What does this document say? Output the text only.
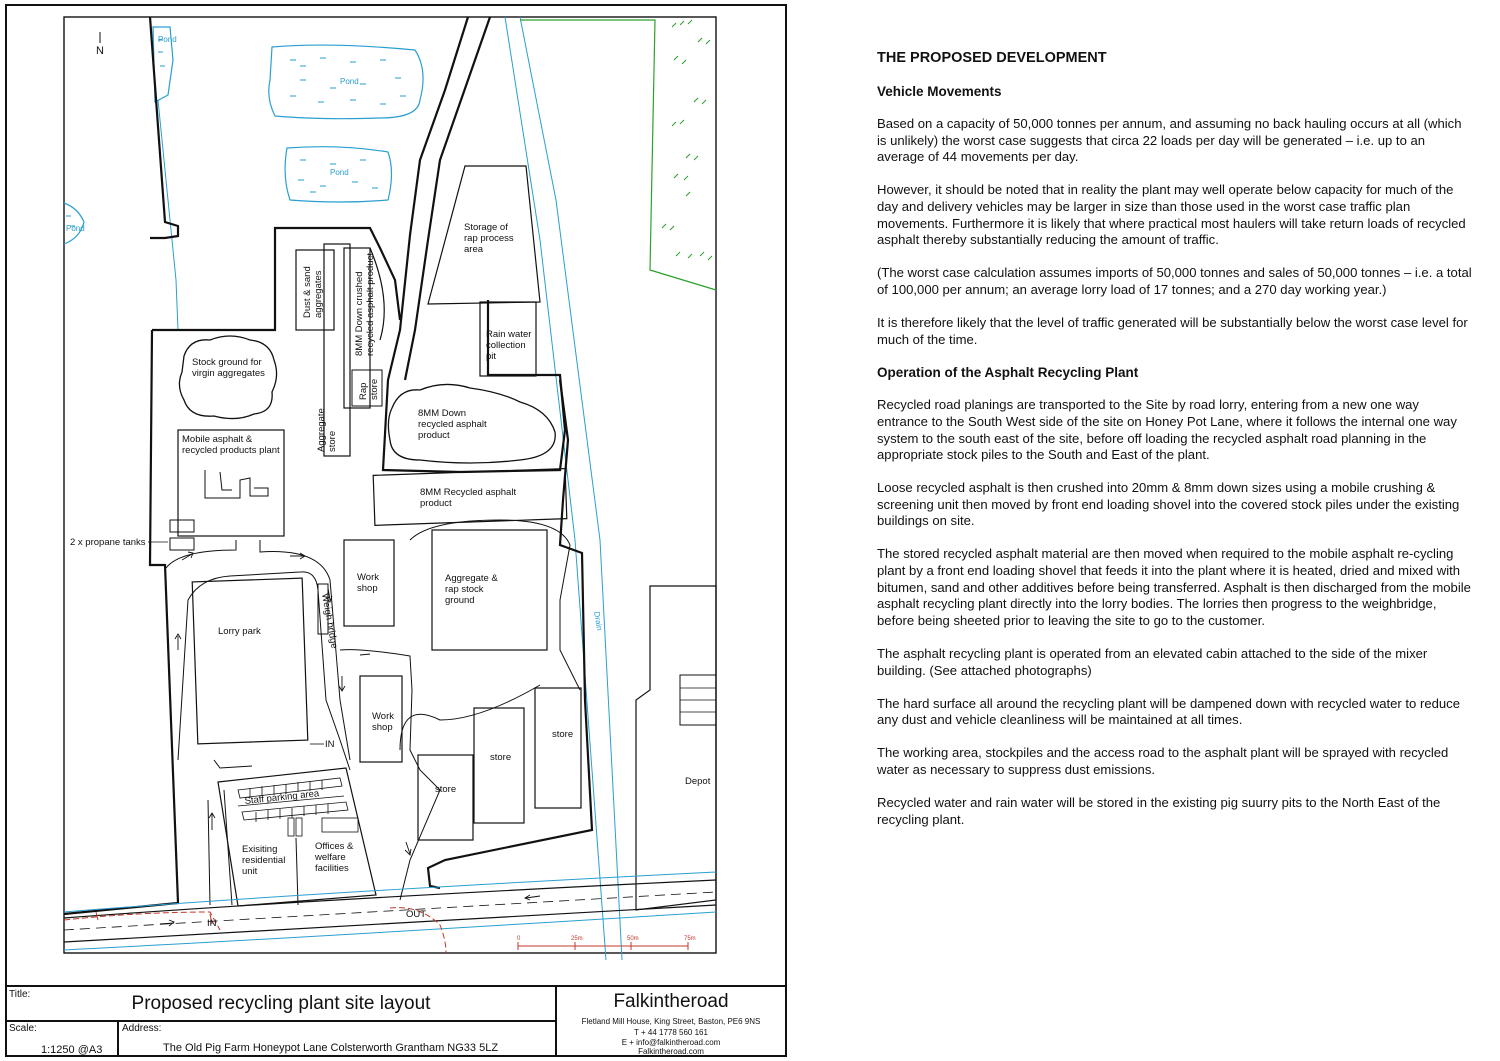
Pond
Pond
Pond
Pond
N
Drain
Storage of rap process area
Rain water collection pit
Dust & sandaggregates	8MM Down crushedrecycled asphalt product
Rapstore
Aggregatestore
Stock ground for virgin aggregates
8MM Down recycled asphalt product
Mobile asphalt & recycled products plant
8MM Recycled asphalt product
2 x propane tanks
Lorry park	Weigh bridge
Work shop
Work shop
Aggregate & rap stock ground
store
store
store
Depot
Staff parking area
Exisiting residential unit
Offices & welfare facilities
IN
OUT
IN
0	25m	50m	75m
Title:	Proposed recycling plant site layout
Scale:
1:1250 @A3
Address:
The Old Pig Farm Honeypot Lane Colsterworth Grantham NG33 5LZ
Falkintheroad
Fletland Mill House, King Street, Baston, PE6 9NS
T + 44 1778 560 161
E + info@falkintheroad.com
Falkintheroad.com
THE PROPOSED DEVELOPMENT
Vehicle Movements

Based on a capacity of 50,000 tonnes per annum, and assuming no back hauling occurs at all (which is unlikely) the worst case suggests that circa 22 loads per day will be generated – i.e. up to an average of 44 movements per day.

However, it should be noted that in reality the plant may well operate below capacity for much of the day and delivery vehicles may be larger in size than those used in the worst case traffic plan movements. Furthermore it is likely that where practical most haulers will take return loads of recycled asphalt thereby substantially reducing the amount of traffic.

(The worst case calculation assumes imports of 50,000 tonnes and sales of 50,000 tonnes – i.e. a total of 100,000 per annum; an average lorry load of 17 tonnes; and a 270 day working year.)

It is therefore likely that the level of traffic generated will be substantially below the worst case level for much of the time.

Operation of the Asphalt Recycling Plant

Recycled road planings are transported to the Site by road lorry, entering from a new one way entrance to the South West side of the site on Honey Pot Lane, where it follows the internal one way system to the south east of the site, before off loading the recycled asphalt road planning in the appropriate stock piles to the South and East of the plant.

Loose recycled asphalt is then crushed into 20mm & 8mm down sizes using a mobile crushing & screening unit then moved by front end loading shovel into the covered stock piles under the existing buildings on site.

The stored recycled asphalt material are then moved when required to the mobile asphalt re-cycling plant by a front end loading shovel that feeds it into the plant where it is heated, dried and mixed with bitumen, sand and other additives before being transferred. Asphalt is then discharged from the mobile asphalt recycling plant directly into the lorry bodies. The lorries then progress to the weighbridge, before being sheeted prior to leaving the site to go to the customer.

The asphalt recycling plant is operated from an elevated cabin attached to the side of the mixer building. (See attached photographs)

The hard surface all around the recycling plant will be dampened down with recycled water to reduce any dust and vehicle cleanliness will be maintained at all times.

The working area, stockpiles and the access road to the asphalt plant will be sprayed with recycled water as necessary to suppress dust emissions.

Recycled water and rain water will be stored in the existing pig suurry pits to the North East of the recycling plant.
